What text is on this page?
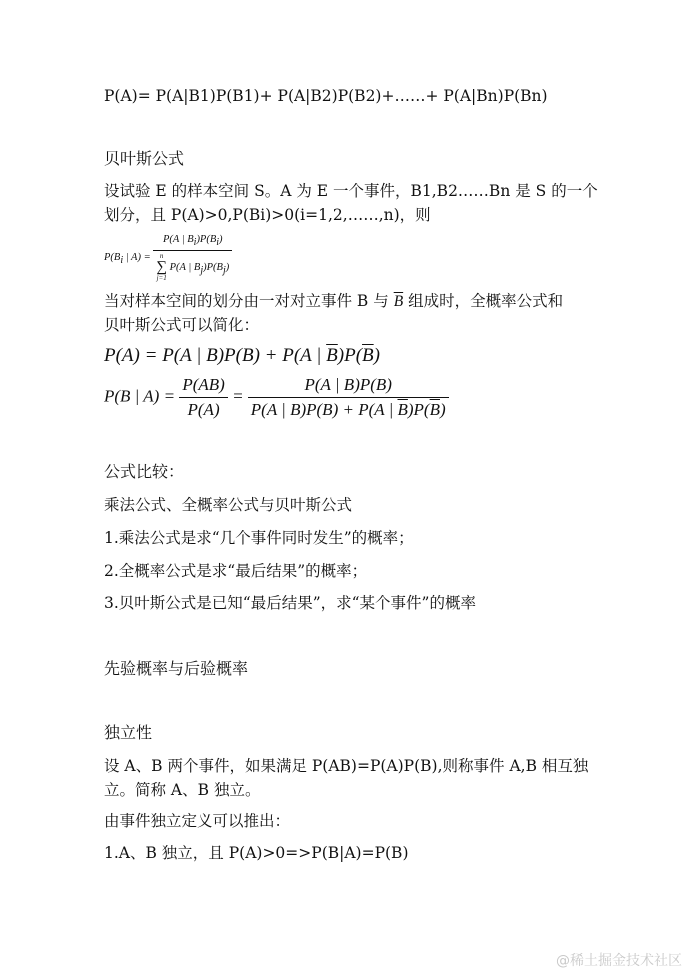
P(A)= P(A|B1)P(B1)+ P(A|B2)P(B2)+……+ P(A|Bn)P(Bn)
贝叶斯公式
设试验 E 的样本空间 S。A 为 E 一个事件，B1,B2……Bn 是 S 的一个
划分，且 P(A)>0,P(Bi)>0(i=1,2,……,n)，则
$P(B_i$ | A) = P(A | $B_i)P(B_i)$
n
∑
j=1
P(A | $B_j)P(B_j)$
当对样本空间的划分由一对对立事件 B 与 $\overline{B}$ 组成时，全概率公式和
贝叶斯公式可以简化：
P(A) = P(A | B)P(B) + P(A | $\overline{B})P(\overline{B})$
P(B | $A) = \frac{P(AB)}{P(A)} = \frac{P(A | B)P(B)}{P(A | B)P(B) + P(A | \overline{B})P(\overline{B})}$
公式比较：
乘法公式、全概率公式与贝叶斯公式
1.乘法公式是求“几个事件同时发生”的概率；
2.全概率公式是求“最后结果”的概率；
3.贝叶斯公式是已知“最后结果”，求“某个事件”的概率
先验概率与后验概率
独立性
设 A、B 两个事件，如果满足 P(AB)=P(A)P(B),则称事件 A,B 相互独
立。简称 A、B 独立。
由事件独立定义可以推出：
1.A、B 独立，且 P(A)>0=>P(B|A)=P(B)
@稀土掘金技术社区
